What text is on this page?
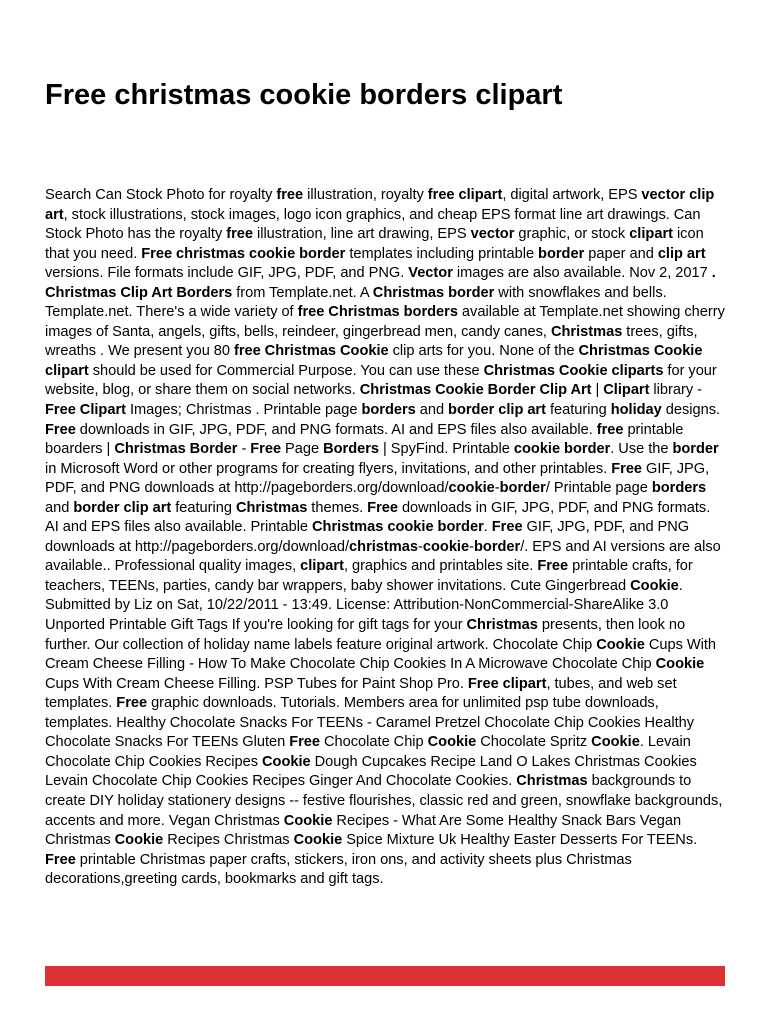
Free christmas cookie borders clipart

Search Can Stock Photo for royalty free illustration, royalty free clipart, digital artwork, EPS vector clip art, stock illustrations, stock images, logo icon graphics, and cheap EPS format line art drawings. Can Stock Photo has the royalty free illustration, line art drawing, EPS vector graphic, or stock clipart icon that you need. Free christmas cookie border templates including printable border paper and clip art versions. File formats include GIF, JPG, PDF, and PNG. Vector images are also available. Nov 2, 2017 . Christmas Clip Art Borders from Template.net. A Christmas border with snowflakes and bells. Template.net. There's a wide variety of free Christmas borders available at Template.net showing cherry images of Santa, angels, gifts, bells, reindeer, gingerbread men, candy canes, Christmas trees, gifts, wreaths . We present you 80 free Christmas Cookie clip arts for you. None of the Christmas Cookie clipart should be used for Commercial Purpose. You can use these Christmas Cookie cliparts for your website, blog, or share them on social networks. Christmas Cookie Border Clip Art | Clipart library - Free Clipart Images; Christmas . Printable page borders and border clip art featuring holiday designs. Free downloads in GIF, JPG, PDF, and PNG formats. AI and EPS files also available. free printable boarders | Christmas Border - Free Page Borders | SpyFind. Printable cookie border. Use the border in Microsoft Word or other programs for creating flyers, invitations, and other printables. Free GIF, JPG, PDF, and PNG downloads at http://pageborders.org/download/cookie-border/ Printable page borders and border clip art featuring Christmas themes. Free downloads in GIF, JPG, PDF, and PNG formats. AI and EPS files also available. Printable Christmas cookie border. Free GIF, JPG, PDF, and PNG downloads at http://pageborders.org/download/christmas-cookie-border/. EPS and AI versions are also available.. Professional quality images, clipart, graphics and printables site. Free printable crafts, for teachers, TEENs, parties, candy bar wrappers, baby shower invitations. Cute Gingerbread Cookie. Submitted by Liz on Sat, 10/22/2011 - 13:49. License: Attribution-NonCommercial-ShareAlike 3.0 Unported Printable Gift Tags If you're looking for gift tags for your Christmas presents, then look no further. Our collection of holiday name labels feature original artwork. Chocolate Chip Cookie Cups With Cream Cheese Filling - How To Make Chocolate Chip Cookies In A Microwave Chocolate Chip Cookie Cups With Cream Cheese Filling. PSP Tubes for Paint Shop Pro. Free clipart, tubes, and web set templates. Free graphic downloads. Tutorials. Members area for unlimited psp tube downloads, templates. Healthy Chocolate Snacks For TEENs - Caramel Pretzel Chocolate Chip Cookies Healthy Chocolate Snacks For TEENs Gluten Free Chocolate Chip Cookie Chocolate Spritz Cookie. Levain Chocolate Chip Cookies Recipes Cookie Dough Cupcakes Recipe Land O Lakes Christmas Cookies Levain Chocolate Chip Cookies Recipes Ginger And Chocolate Cookies. Christmas backgrounds to create DIY holiday stationery designs -- festive flourishes, classic red and green, snowflake backgrounds, accents and more. Vegan Christmas Cookie Recipes - What Are Some Healthy Snack Bars Vegan Christmas Cookie Recipes Christmas Cookie Spice Mixture Uk Healthy Easter Desserts For TEENs. Free printable Christmas paper crafts, stickers, iron ons, and activity sheets plus Christmas decorations,greeting cards, bookmarks and gift tags.
